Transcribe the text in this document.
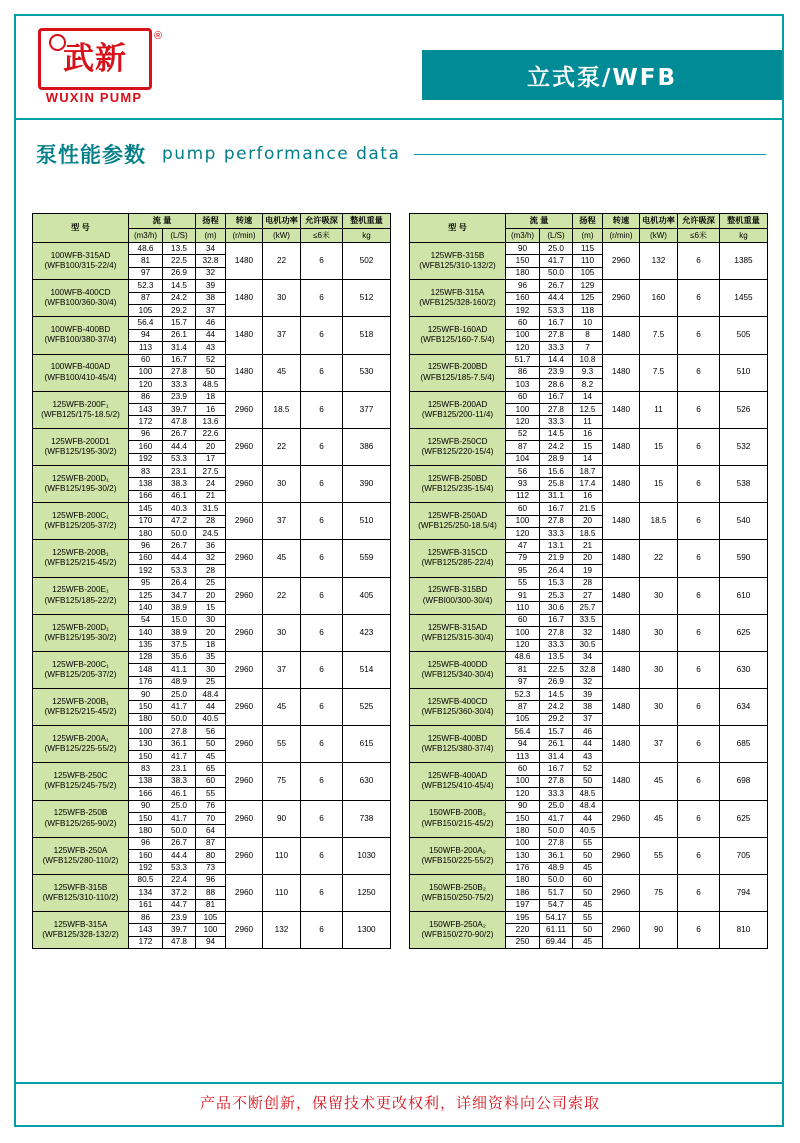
武新
®
WUXIN PUMP
立式泵/WFB
泵性能参数 pump performance data
型 号	流 量		扬程	转速	电机功率	允许吸深	整机重量
	(m3/h)	(L/S)	(m)	(r/min)	(kW)	≤6米	kg

100WFB-315AD
(WFB100/315-22/4)	48.6	13.5	34	1480	22	6	502
	81	22.5	32.8				
	97	26.9	32				

100WFB-400CD
(WFB100/360-30/4)	52.3	14.5	39	1480	30	6	512
	87	24.2	38				
	105	29.2	37				

100WFB-400BD
(WFB100/380-37/4)	56.4	15.7	46	1480	37	6	518
	94	26.1	44				
	113	31.4	43				

100WFB-400AD
(WFB100/410-45/4)	60	16.7	52	1480	45	6	530
	100	27.8	50				
	120	33.3	48.5				

125WFB-200F₁
(WFB125/175-18.5/2)	86	23.9	18	2960	18.5	6	377
	143	39.7	16				
	172	47.8	13.6				

125WFB-200D1
(WFB125/195-30/2)	96	26.7	22.6	2960	22	6	386
	160	44.4	20				
	192	53.3	17				

125WFB-200D₁
(WFB125/195-30/2)	83	23.1	27.5	2960	30	6	390
	138	38.3	24				
	166	46.1	21				

125WFB-200C₁
(WFB125/205-37/2)	145	40.3	31.5	2960	37	6	510
	170	47.2	28				
	180	50.0	24.5				

125WFB-200B₁
(WFB125/215-45/2)	96	26.7	36	2960	45	6	559
	160	44.4	32				
	192	53.3	28				

125WFB-200E₁
(WFB125/185-22/2)	95	26.4	25	2960	22	6	405
	125	34.7	20				
	140	38.9	15				

125WFB-200D₁
(WFB125/195-30/2)	54	15.0	30	2960	30	6	423
	140	38.9	20				
	135	37.5	18				

125WFB-200C₁
(WFB125/205-37/2)	128	35.6	35	2960	37	6	514
	148	41.1	30				
	176	48.9	25				

125WFB-200B₁
(WFB125/215-45/2)	90	25.0	48.4	2960	45	6	525
	150	41.7	44				
	180	50.0	40.5				

125WFB-200A₁
(WFB125/225-55/2)	100	27.8	56	2960	55	6	615
	130	36.1	50				
	150	41.7	45				

125WFB-250C
(WFB125/245-75/2)	83	23.1	65	2960	75	6	630
	138	38.3	60				
	166	46.1	55				

125WFB-250B
(WFB125/265-90/2)	90	25.0	76	2960	90	6	738
	150	41.7	70				
	180	50.0	64				

125WFB-250A
(WFB125/280-110/2)	96	26.7	87	2960	110	6	1030
	160	44.4	80				
	192	53.3	73				

125WFB-315B
(WFB125/310-110/2)	80.5	22.4	96	2960	110	6	1250
	134	37.2	88				
	161	44.7	81				

125WFB-315A
(WFB125/328-132/2)	86	23.9	105	2960	132	6	1300
	143	39.7	100				
	172	47.8	94				
型 号	流 量		扬程	转速	电机功率	允许吸深	整机重量
	(m3/h)	(L/S)	(m)	(r/min)	(kW)	≤6米	kg

125WFB-315B
(WFB125/310-132/2)	90	25.0	115	2960	132	6	1385
	150	41.7	110				
	180	50.0	105				

125WFB-315A
(WFB125/328-160/2)	96	26.7	129	2960	160	6	1455
	160	44.4	125				
	192	53.3	118				

125WFB-160AD
(WFB125/160-7.5/4)	60	16.7	10	1480	7.5	6	505
	100	27.8	8				
	120	33.3	7				

125WFB-200BD
(WFB125/185-7.5/4)	51.7	14.4	10.8	1480	7.5	6	510
	86	23.9	9.3				
	103	28.6	8.2				

125WFB-200AD
(WFB125/200-11/4)	60	16.7	14	1480	11	6	526
	100	27.8	12.5				
	120	33.3	11				

125WFB-250CD
(WFB125/220-15/4)	52	14.5	16	1480	15	6	532
	87	24.2	15				
	104	28.9	14				

125WFB-250BD
(WFB125/235-15/4)	56	15.6	18.7	1480	15	6	538
	93	25.8	17.4				
	112	31.1	16				

125WFB-250AD
(WFB125/250-18.5/4)	60	16.7	21.5	1480	18.5	6	540
	100	27.8	20				
	120	33.3	18.5				

125WFB-315CD
(WFB125/285-22/4)	47	13.1	21	1480	22	6	590
	79	21.9	20				
	95	26.4	19				

125WFB-315BD
(WFBI00/300-30/4)	55	15.3	28	1480	30	6	610
	91	25.3	27				
	110	30.6	25.7				

125WFB-315AD
(WFB125/315-30/4)	60	16.7	33.5	1480	30	6	625
	100	27.8	32				
	120	33.3	30.5				

125WFB-400DD
(WFB125/340-30/4)	48.6	13.5	34	1480	30	6	630
	81	22.5	32.8				
	97	26.9	32				

125WFB-400CD
(WFB125/360-30/4)	52.3	14.5	39	1480	30	6	634
	87	24.2	38				
	105	29.2	37				

125WFB-400BD
(WFB125/380-37/4)	56.4	15.7	46	1480	37	6	685
	94	26.1	44				
	113	31.4	43				

125WFB-400AD
(WFB125/410-45/4)	60	16.7	52	1480	45	6	698
	100	27.8	50				
	120	33.3	48.5				

150WFB-200B₂
(WFB150/215-45/2)	90	25.0	48.4	2960	45	6	625
	150	41.7	44				
	180	50.0	40.5				

150WFB-200A₂
(WFB150/225-55/2)	100	27.8	55	2960	55	6	705
	130	36.1	50				
	176	48.9	45				

150WFB-250B₂
(WFB150/250-75/2)	180	50.0	60	2960	75	6	794
	186	51.7	50				
	197	54.7	45				

150WFB-250A₂
(WFB150/270-90/2)	195	54.17	55	2960	90	6	810
	220	61.11	50				
	250	69.44	45				
产品不断创新，保留技术更改权利，详细资料向公司索取
